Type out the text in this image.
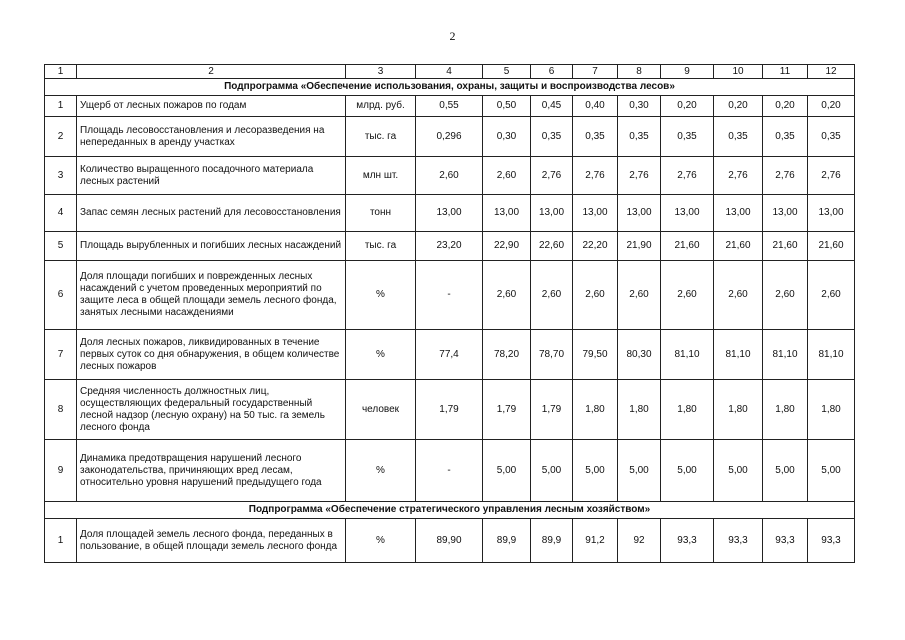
2
1	2	3	4	5	6	7	8	9	10	11	12
Подпрограмма «Обеспечение использования, охраны, защиты и воспроизводства лесов»											
1	Ущерб от лесных пожаров по годам	млрд. руб.	0,55	0,50	0,45	0,40	0,30	0,20	0,20	0,20	0,20
2	Площадь лесовосстановления и лесоразведения на непереданных в аренду участках	тыс. га	0,296	0,30	0,35	0,35	0,35	0,35	0,35	0,35	0,35
3	Количество выращенного посадочного материала лесных растений	млн шт.	2,60	2,60	2,76	2,76	2,76	2,76	2,76	2,76	2,76
4	Запас семян лесных растений для лесовосстановления	тонн	13,00	13,00	13,00	13,00	13,00	13,00	13,00	13,00	13,00
5	Площадь вырубленных и погибших лесных насаждений	тыс. га	23,20	22,90	22,60	22,20	21,90	21,60	21,60	21,60	21,60
6	Доля площади погибших и поврежденных лесных насаждений с учетом проведенных мероприятий по защите леса в общей площади земель лесного фонда, занятых лесными насаждениями	%	-	2,60	2,60	2,60	2,60	2,60	2,60	2,60	2,60
7	Доля лесных пожаров, ликвидированных в течение первых суток со дня обнаружения, в общем количестве лесных пожаров	%	77,4	78,20	78,70	79,50	80,30	81,10	81,10	81,10	81,10
8	Средняя численность должностных лиц, осуществляющих федеральный государственный лесной надзор (лесную охрану) на 50 тыс. га земель лесного фонда	человек	1,79	1,79	1,79	1,80	1,80	1,80	1,80	1,80	1,80
9	Динамика предотвращения нарушений лесного законодательства, причиняющих вред лесам, относительно уровня нарушений предыдущего года	%	-	5,00	5,00	5,00	5,00	5,00	5,00	5,00	5,00
Подпрограмма «Обеспечение стратегического управления лесным хозяйством»											
1	Доля площадей земель лесного фонда, переданных в пользование, в общей площади земель лесного фонда	%	89,90	89,9	89,9	91,2	92	93,3	93,3	93,3	93,3
